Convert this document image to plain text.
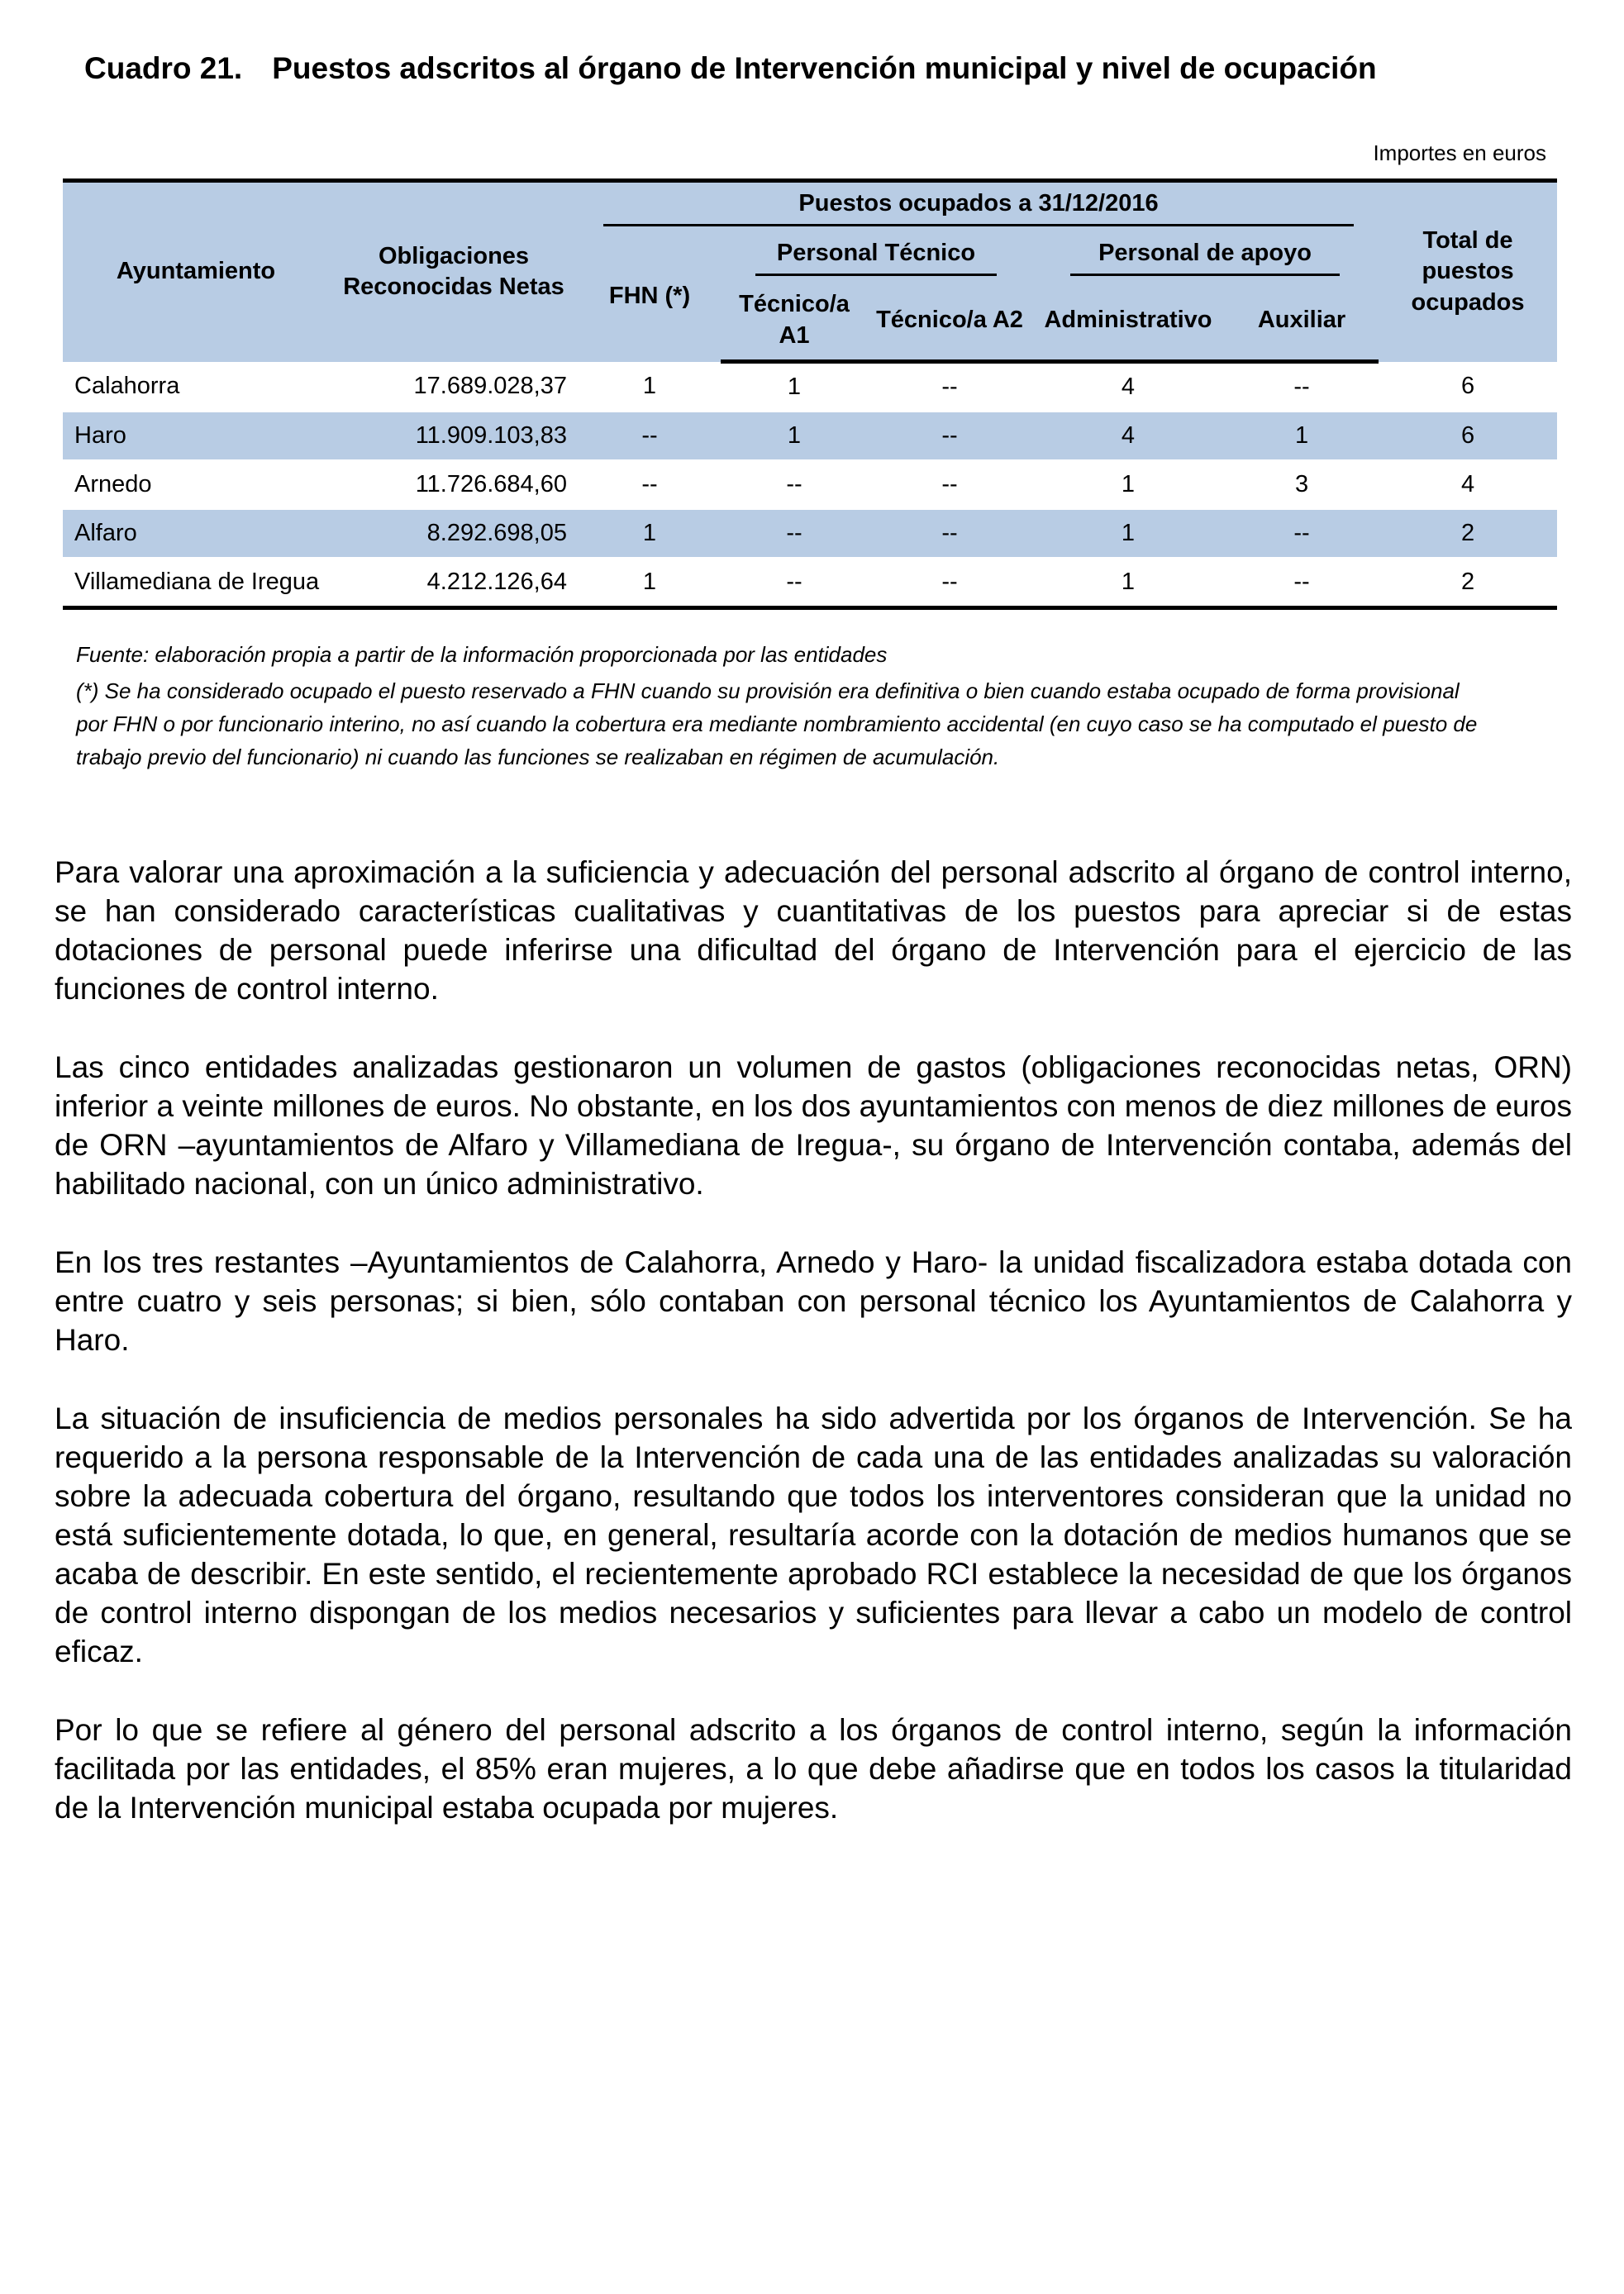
Cuadro 21. Puestos adscritos al órgano de Intervención municipal y nivel de ocupación
Importes en euros
Ayuntamiento	Obligaciones Reconocidas Netas	Puestos ocupados a 31/12/2016					Total de puestos ocupados
		FHN (*)	Personal Técnico		Personal de apoyo		
			Técnico/a A1	Técnico/a A2	Administrativo	Auxiliar	
Calahorra	17.689.028,37	1	1	--	4	--	6
Haro	11.909.103,83	--	1	--	4	1	6
Arnedo	11.726.684,60	--	--	--	1	3	4
Alfaro	8.292.698,05	1	--	--	1	--	2
Villamediana de Iregua	4.212.126,64	1	--	--	1	--	2

Fuente: elaboración propia a partir de la información proporcionada por las entidades

(*) Se ha considerado ocupado el puesto reservado a FHN cuando su provisión era definitiva o bien cuando estaba ocupado de forma provisional por FHN o por funcionario interino, no así cuando la cobertura era mediante nombramiento accidental (en cuyo caso se ha computado el puesto de trabajo previo del funcionario) ni cuando las funciones se realizaban en régimen de acumulación.

Para valorar una aproximación a la suficiencia y adecuación del personal adscrito al órgano de control interno, se han considerado características cualitativas y cuantitativas de los puestos para apreciar si de estas dotaciones de personal puede inferirse una dificultad del órgano de Intervención para el ejercicio de las funciones de control interno.

Las cinco entidades analizadas gestionaron un volumen de gastos (obligaciones reconocidas netas, ORN) inferior a veinte millones de euros. No obstante, en los dos ayuntamientos con menos de diez millones de euros de ORN –ayuntamientos de Alfaro y Villamediana de Iregua-, su órgano de Intervención contaba, además del habilitado nacional, con un único administrativo.

En los tres restantes –Ayuntamientos de Calahorra, Arnedo y Haro- la unidad fiscalizadora estaba dotada con entre cuatro y seis personas; si bien, sólo contaban con personal técnico los Ayuntamientos de Calahorra y Haro.

La situación de insuficiencia de medios personales ha sido advertida por los órganos de Intervención. Se ha requerido a la persona responsable de la Intervención de cada una de las entidades analizadas su valoración sobre la adecuada cobertura del órgano, resultando que todos los interventores consideran que la unidad no está suficientemente dotada, lo que, en general, resultaría acorde con la dotación de medios humanos que se acaba de describir. En este sentido, el recientemente aprobado RCI establece la necesidad de que los órganos de control interno dispongan de los medios necesarios y suficientes para llevar a cabo un modelo de control eficaz.

Por lo que se refiere al género del personal adscrito a los órganos de control interno, según la información facilitada por las entidades, el 85% eran mujeres, a lo que debe añadirse que en todos los casos la titularidad de la Intervención municipal estaba ocupada por mujeres.
